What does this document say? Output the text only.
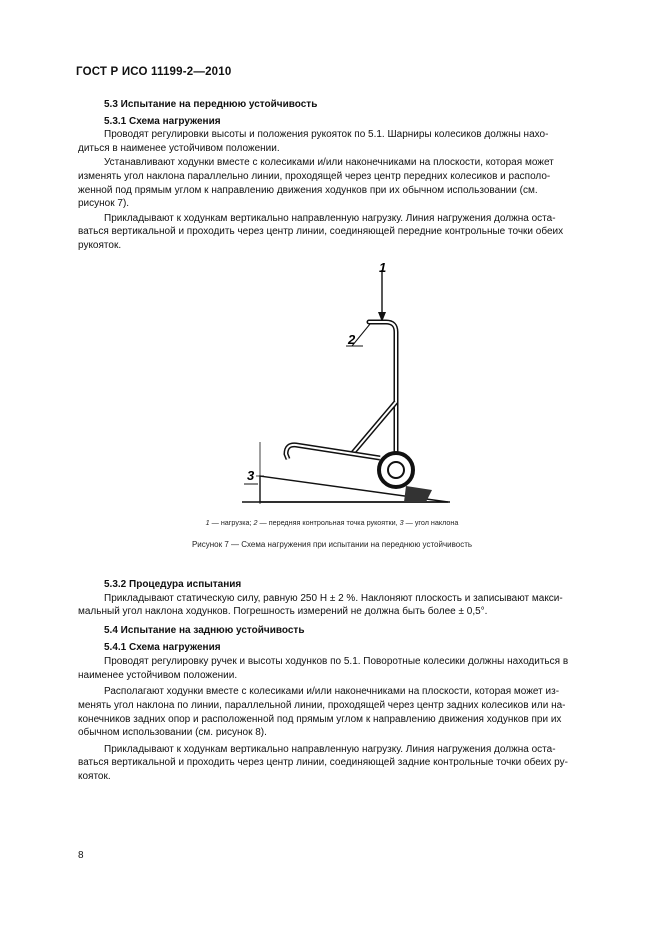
ГОСТ Р ИСО 11199-2—2010

5.3 Испытание на переднюю устойчивость

5.3.1 Схема нагружения

Проводят регулировки высоты и положения рукояток по 5.1. Шарниры колесиков должны нахо-
диться в наименее устойчивом положении.
Устанавливают ходунки вместе с колесиками и/или наконечниками на плоскости, которая может
изменять угол наклона параллельно линии, проходящей через центр передних колесиков и располо-
женной под прямым углом к направлению движения ходунков при их обычном использовании (см.
рисунок 7).
Прикладывают к ходункам вертикально направленную нагрузку. Линия нагружения должна оста-
ваться вертикальной и проходить через центр линии, соединяющей передние контрольные точки обеих
рукояток.
1
2
3
1 — нагрузка; 2 — передняя контрольная точка рукоятки, 3 — угол наклона
Рисунок 7 — Схема нагружения при испытании на переднюю устойчивость

5.3.2 Процедура испытания

Прикладывают статическую силу, равную 250 Н ± 2 %. Наклоняют плоскость и записывают макси-
мальный угол наклона ходунков. Погрешность измерений не должна быть более ± 0,5°.

5.4 Испытание на заднюю устойчивость

5.4.1 Схема нагружения

Проводят регулировку ручек и высоты ходунков по 5.1. Поворотные колесики должны находиться в
наименее устойчивом положении.
Располагают ходунки вместе с колесиками и/или наконечниками на плоскости, которая может из-
менять угол наклона по линии, параллельной линии, проходящей через центр задних колесиков или на-
конечников задних опор и расположенной под прямым углом к направлению движения ходунков при их
обычном использовании (см. рисунок 8).
Прикладывают к ходункам вертикально направленную нагрузку. Линия нагружения должна оста-
ваться вертикальной и проходить через центр линии, соединяющей задние контрольные точки обеих ру-
кояток.
8
